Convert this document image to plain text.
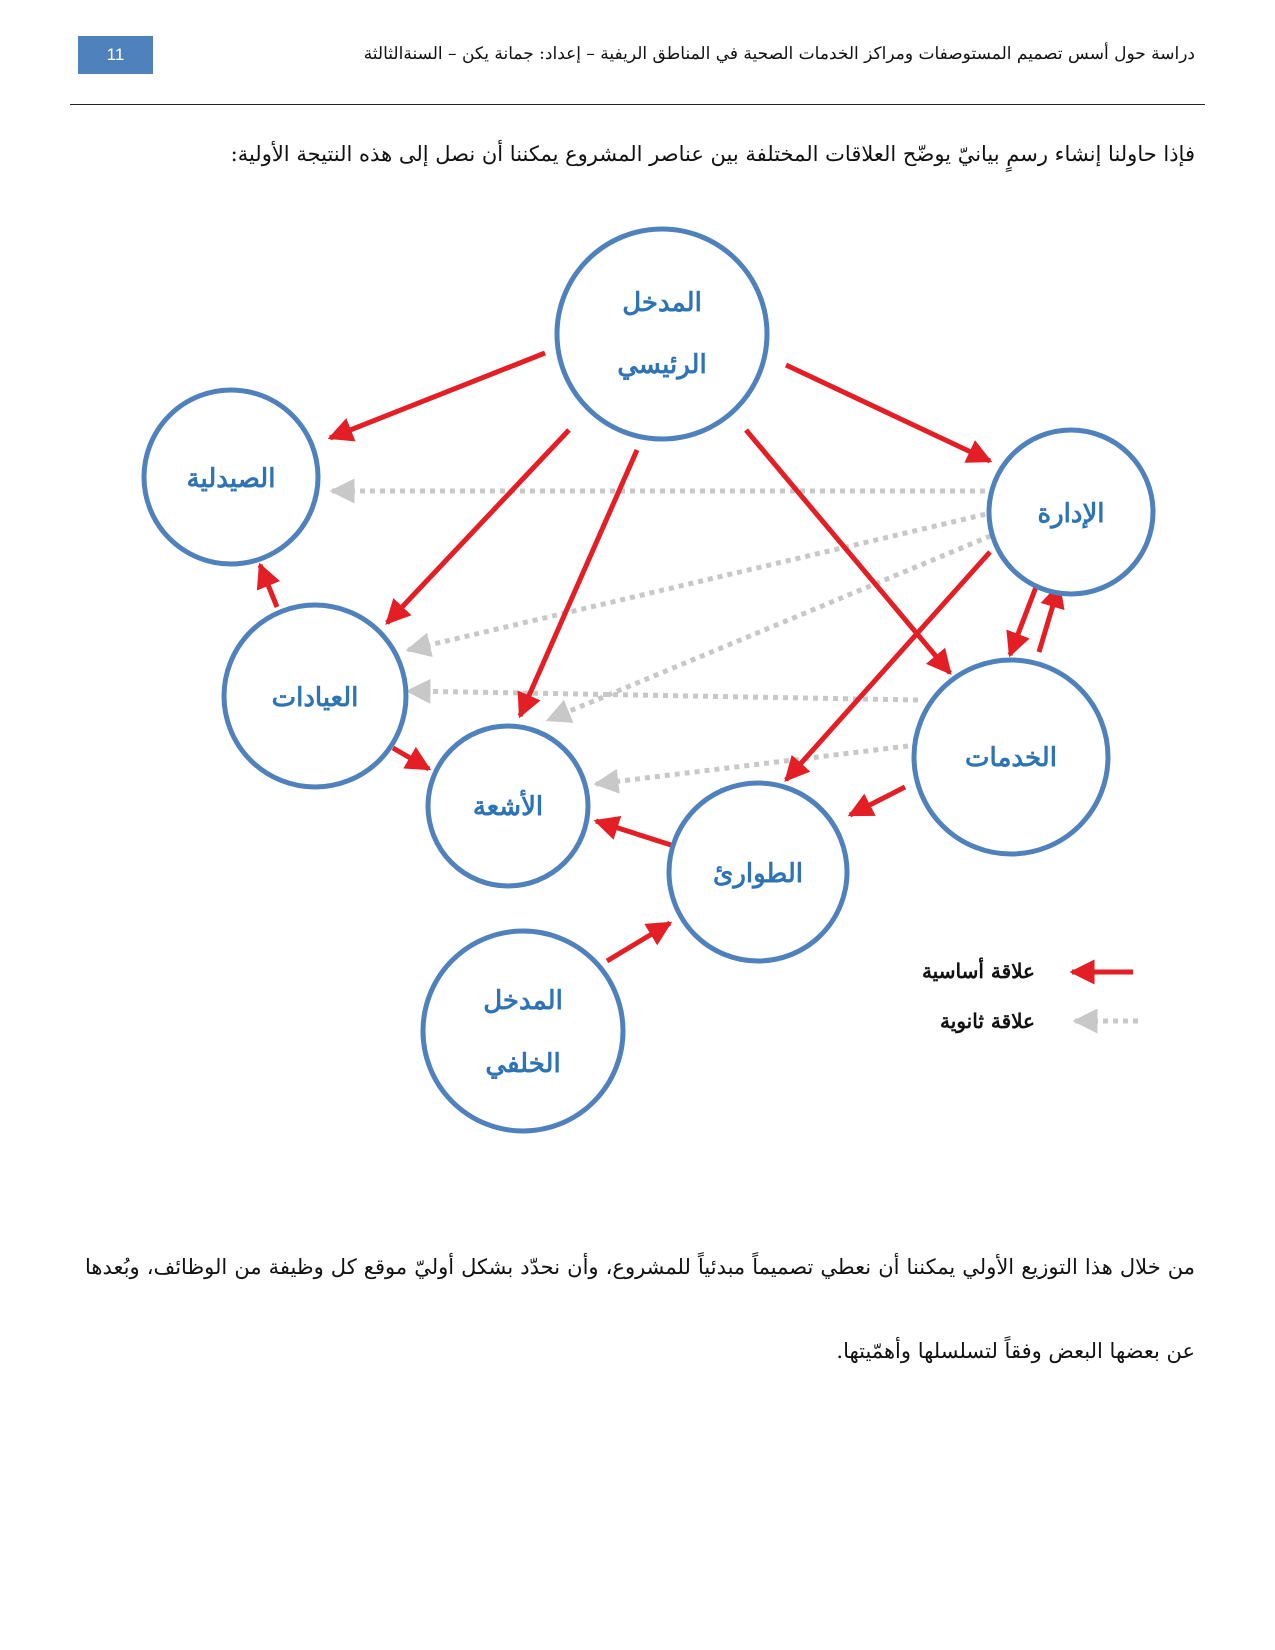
11	دراسة حول أسس تصميم المستوصفات ومراكز الخدمات الصحية في المناطق الريفية – إعداد: جمانة يكن – السنةالثالثة
فإذا حاولنا إنشاء رسمٍ بيانيّ يوضّح العلاقات المختلفة بين عناصر المشروع يمكننا أن نصل إلى هذه النتيجة الأولية:
المدخل
الرئيسي
الصيدلية
الإدارة
العيادات
الخدمات
الأشعة
الطوارئ
المدخل
الخلفي
علاقة أساسية
علاقة ثانوية
من خلال هذا التوزيع الأولي يمكننا أن نعطي تصميماً مبدئياً للمشروع، وأن نحدّد بشكل أوليّ موقع كل وظيفة من الوظائف، وبُعدها عن بعضها البعض وفقاً لتسلسلها وأهمّيتها.
